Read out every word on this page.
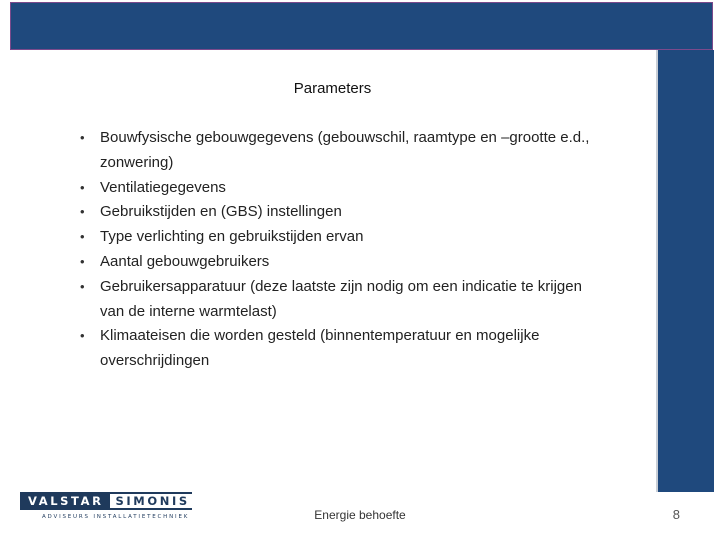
Parameters
• Bouwfysische gebouwgegevens (gebouwschil, raamtype en –grootte e.d., zonwering)
• Ventilatiegegevens
• Gebruikstijden en (GBS) instellingen
• Type verlichting en gebruikstijden ervan
• Aantal gebouwgebruikers
• Gebruikersapparatuur (deze laatste zijn nodig om een indicatie te krijgen van de interne warmtelast)
• Klimaateisen die worden gesteld (binnentemperatuur en mogelijke overschrijdingen
VALSTAR	SIMONIS
ADVISEURS INSTALLATIETECHNIEK	Energie behoefte	8
